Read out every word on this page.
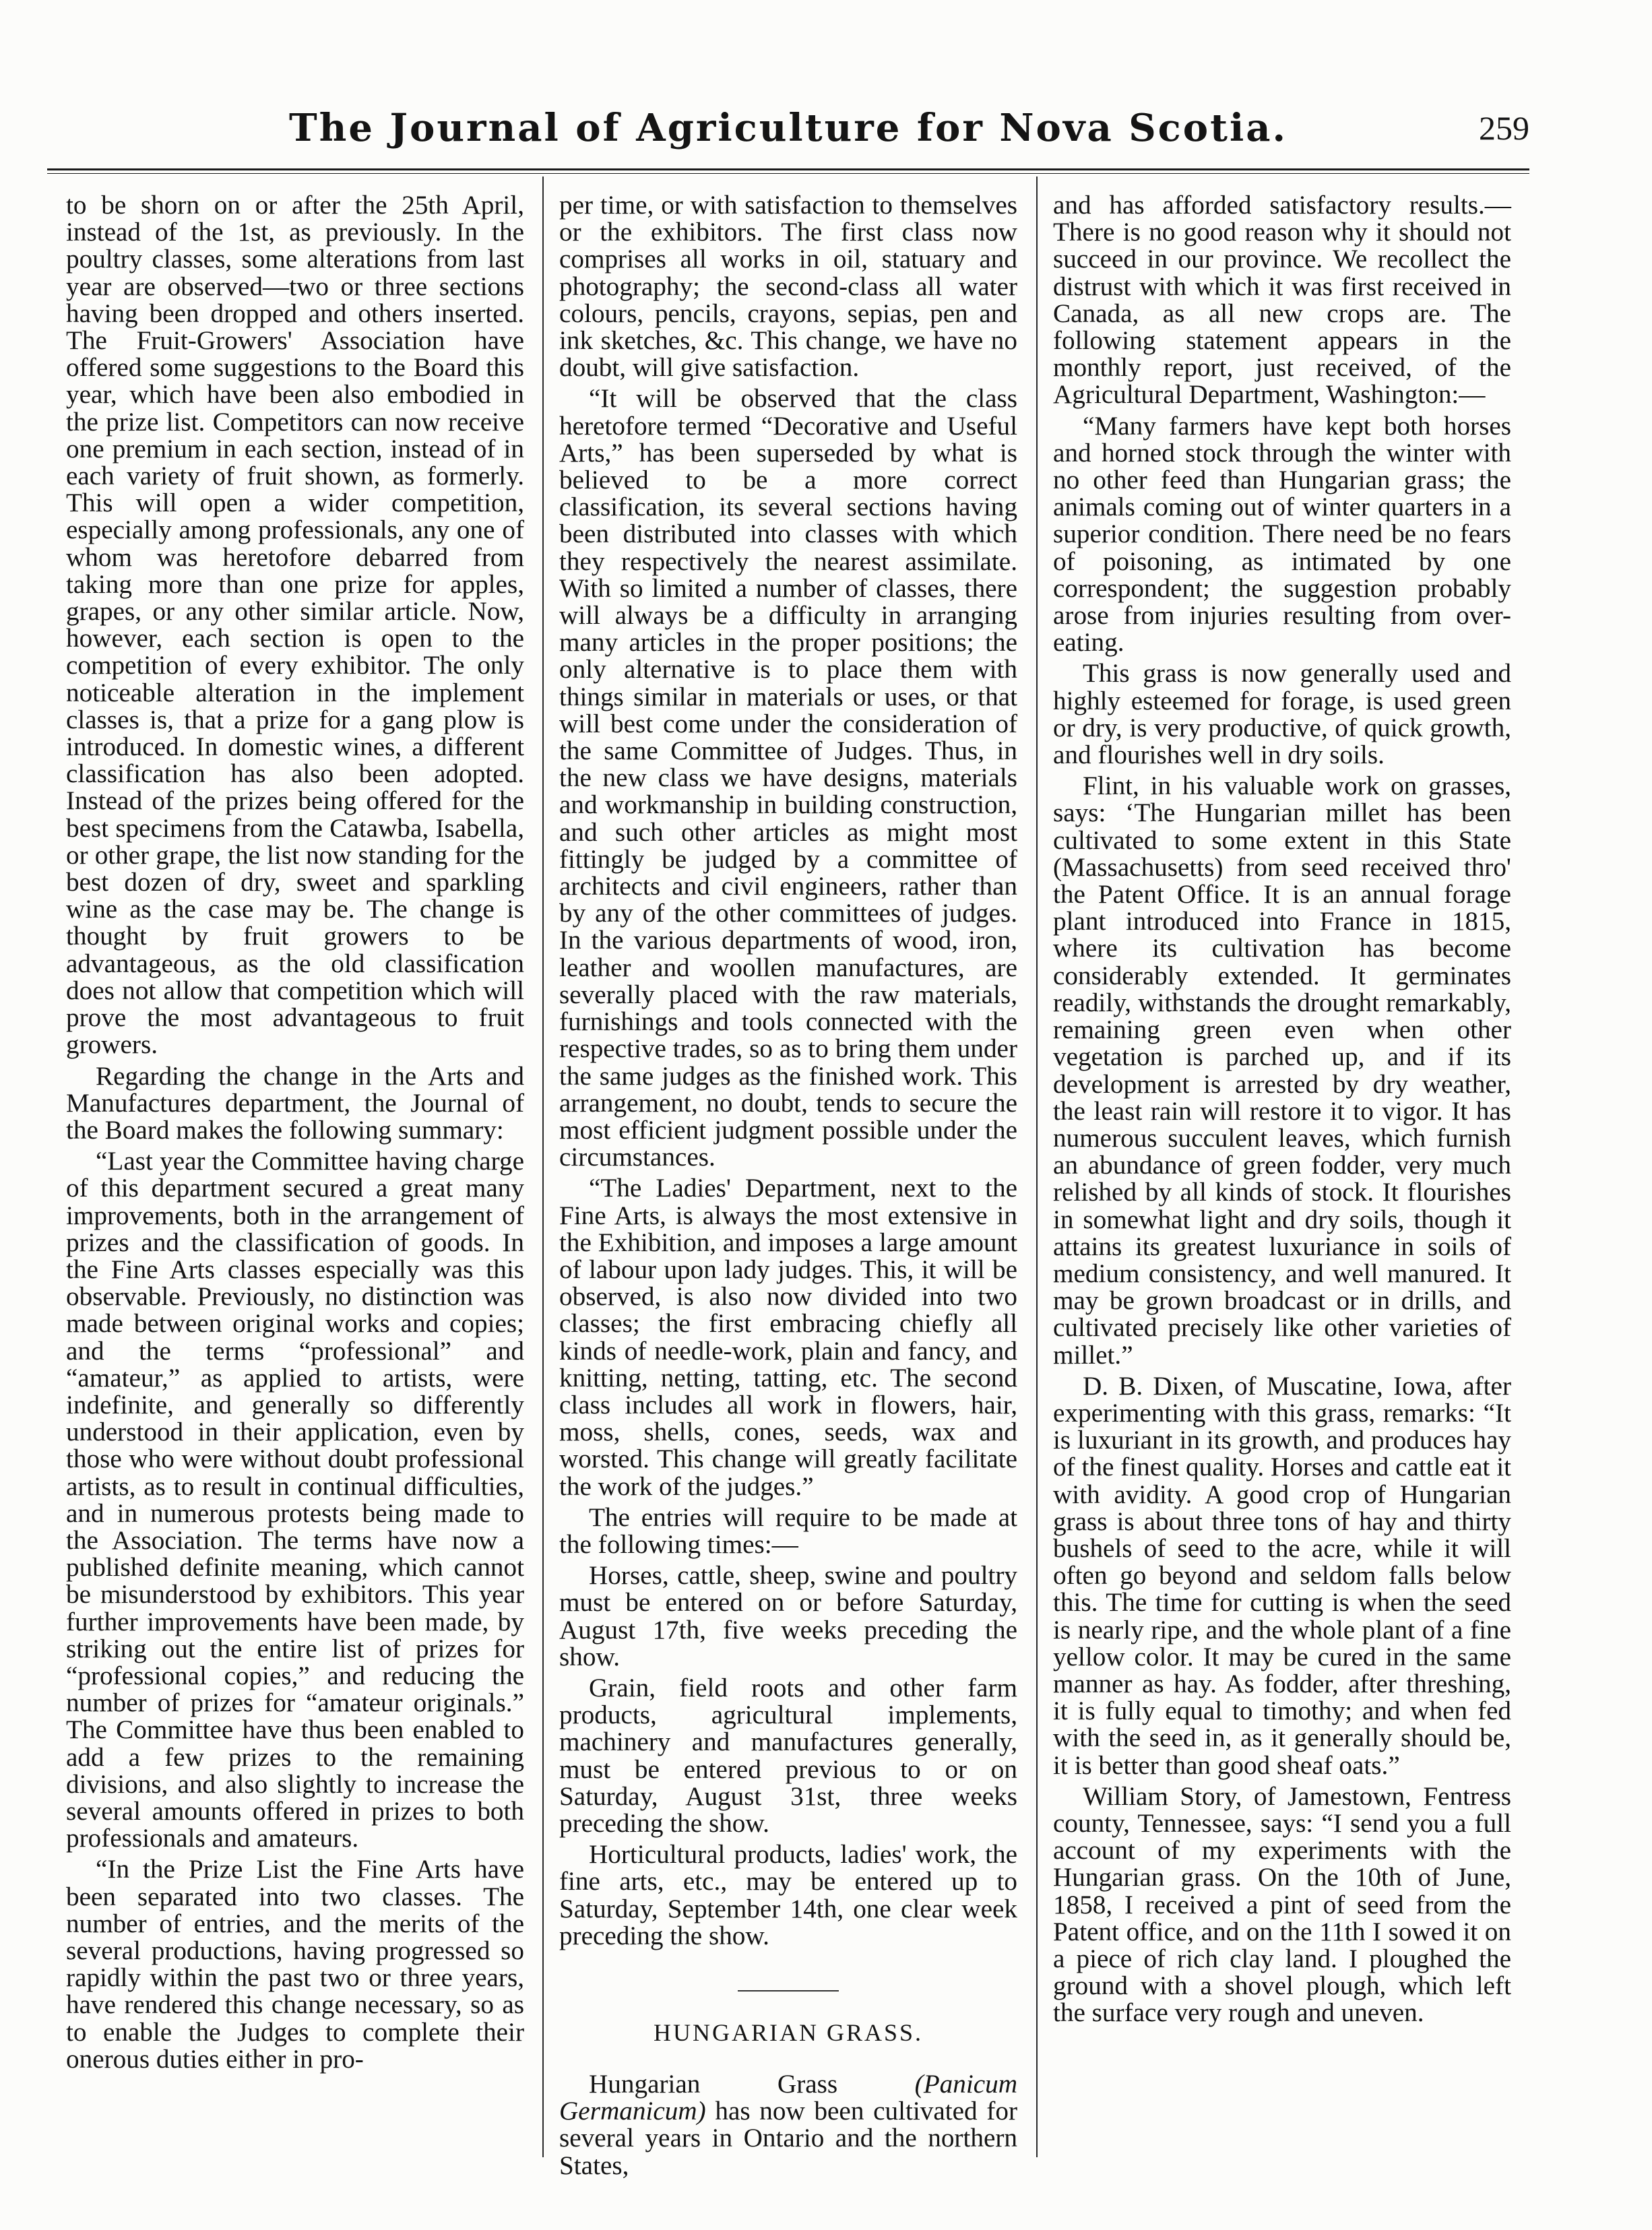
The Journal of Agriculture for Nova Scotia.	259

to be shorn on or after the 25th April, instead of the 1st, as previously. In the poultry classes, some alterations from last year are observed—two or three sections having been dropped and others inserted. The Fruit-Growers' Association have offered some suggestions to the Board this year, which have been also embodied in the prize list. Competitors can now receive one premium in each section, instead of in each variety of fruit shown, as formerly. This will open a wider competition, especially among professionals, any one of whom was heretofore debarred from taking more than one prize for apples, grapes, or any other similar article. Now, however, each section is open to the competition of every exhibitor. The only noticeable alteration in the implement classes is, that a prize for a gang plow is introduced. In domestic wines, a different classification has also been adopted. Instead of the prizes being offered for the best specimens from the Catawba, Isabella, or other grape, the list now standing for the best dozen of dry, sweet and sparkling wine as the case may be. The change is thought by fruit growers to be advantageous, as the old classification does not allow that competition which will prove the most advantageous to fruit growers.

Regarding the change in the Arts and Manufactures department, the Journal of the Board makes the following summary:

“Last year the Committee having charge of this department secured a great many improvements, both in the arrangement of prizes and the classification of goods. In the Fine Arts classes especially was this observable. Previously, no distinction was made between original works and copies; and the terms “professional” and “amateur,” as applied to artists, were indefinite, and generally so differently understood in their application, even by those who were without doubt professional artists, as to result in continual difficulties, and in numerous protests being made to the Association. The terms have now a published definite meaning, which cannot be misunderstood by exhibitors. This year further improvements have been made, by striking out the entire list of prizes for “professional copies,” and reducing the number of prizes for “amateur originals.” The Committee have thus been enabled to add a few prizes to the remaining divisions, and also slightly to increase the several amounts offered in prizes to both professionals and amateurs.

“In the Prize List the Fine Arts have been separated into two classes. The number of entries, and the merits of the several productions, having progressed so rapidly within the past two or three years, have rendered this change necessary, so as to enable the Judges to complete their onerous duties either in pro-

per time, or with satisfaction to themselves or the exhibitors. The first class now comprises all works in oil, statuary and photography; the second-class all water colours, pencils, crayons, sepias, pen and ink sketches, &c. This change, we have no doubt, will give satisfaction.

“It will be observed that the class heretofore termed “Decorative and Useful Arts,” has been superseded by what is believed to be a more correct classification, its several sections having been distributed into classes with which they respectively the nearest assimilate. With so limited a number of classes, there will always be a difficulty in arranging many articles in the proper positions; the only alternative is to place them with things similar in materials or uses, or that will best come under the consideration of the same Committee of Judges. Thus, in the new class we have designs, materials and workmanship in building construction, and such other articles as might most fittingly be judged by a committee of architects and civil engineers, rather than by any of the other committees of judges. In the various departments of wood, iron, leather and woollen manufactures, are severally placed with the raw materials, furnishings and tools connected with the respective trades, so as to bring them under the same judges as the finished work. This arrangement, no doubt, tends to secure the most efficient judgment possible under the circumstances.

“The Ladies' Department, next to the Fine Arts, is always the most extensive in the Exhibition, and imposes a large amount of labour upon lady judges. This, it will be observed, is also now divided into two classes; the first embracing chiefly all kinds of needle-work, plain and fancy, and knitting, netting, tatting, etc. The second class includes all work in flowers, hair, moss, shells, cones, seeds, wax and worsted. This change will greatly facilitate the work of the judges.”

The entries will require to be made at the following times:—

Horses, cattle, sheep, swine and poultry must be entered on or before Saturday, August 17th, five weeks preceding the show.

Grain, field roots and other farm products, agricultural implements, machinery and manufactures generally, must be entered previous to or on Saturday, August 31st, three weeks preceding the show.

Horticultural products, ladies' work, the fine arts, etc., may be entered up to Saturday, September 14th, one clear week preceding the show.

HUNGARIAN GRASS.

Hungarian Grass (Panicum Germanicum) has now been cultivated for several years in Ontario and the northern States,

and has afforded satisfactory results.—There is no good reason why it should not succeed in our province. We recollect the distrust with which it was first received in Canada, as all new crops are. The following statement appears in the monthly report, just received, of the Agricultural Department, Washington:—

“Many farmers have kept both horses and horned stock through the winter with no other feed than Hungarian grass; the animals coming out of winter quarters in a superior condition. There need be no fears of poisoning, as intimated by one correspondent; the suggestion probably arose from injuries resulting from over-eating.

This grass is now generally used and highly esteemed for forage, is used green or dry, is very productive, of quick growth, and flourishes well in dry soils.

Flint, in his valuable work on grasses, says: ‘The Hungarian millet has been cultivated to some extent in this State (Massachusetts) from seed received thro' the Patent Office. It is an annual forage plant introduced into France in 1815, where its cultivation has become considerably extended. It germinates readily, withstands the drought remarkably, remaining green even when other vegetation is parched up, and if its development is arrested by dry weather, the least rain will restore it to vigor. It has numerous succulent leaves, which furnish an abundance of green fodder, very much relished by all kinds of stock. It flourishes in somewhat light and dry soils, though it attains its greatest luxuriance in soils of medium consistency, and well manured. It may be grown broadcast or in drills, and cultivated precisely like other varieties of millet.”

D. B. Dixen, of Muscatine, Iowa, after experimenting with this grass, remarks: “It is luxuriant in its growth, and produces hay of the finest quality. Horses and cattle eat it with avidity. A good crop of Hungarian grass is about three tons of hay and thirty bushels of seed to the acre, while it will often go beyond and seldom falls below this. The time for cutting is when the seed is nearly ripe, and the whole plant of a fine yellow color. It may be cured in the same manner as hay. As fodder, after threshing, it is fully equal to timothy; and when fed with the seed in, as it generally should be, it is better than good sheaf oats.”

William Story, of Jamestown, Fentress county, Tennessee, says: “I send you a full account of my experiments with the Hungarian grass. On the 10th of June, 1858, I received a pint of seed from the Patent office, and on the 11th I sowed it on a piece of rich clay land. I ploughed the ground with a shovel plough, which left the surface very rough and uneven.
